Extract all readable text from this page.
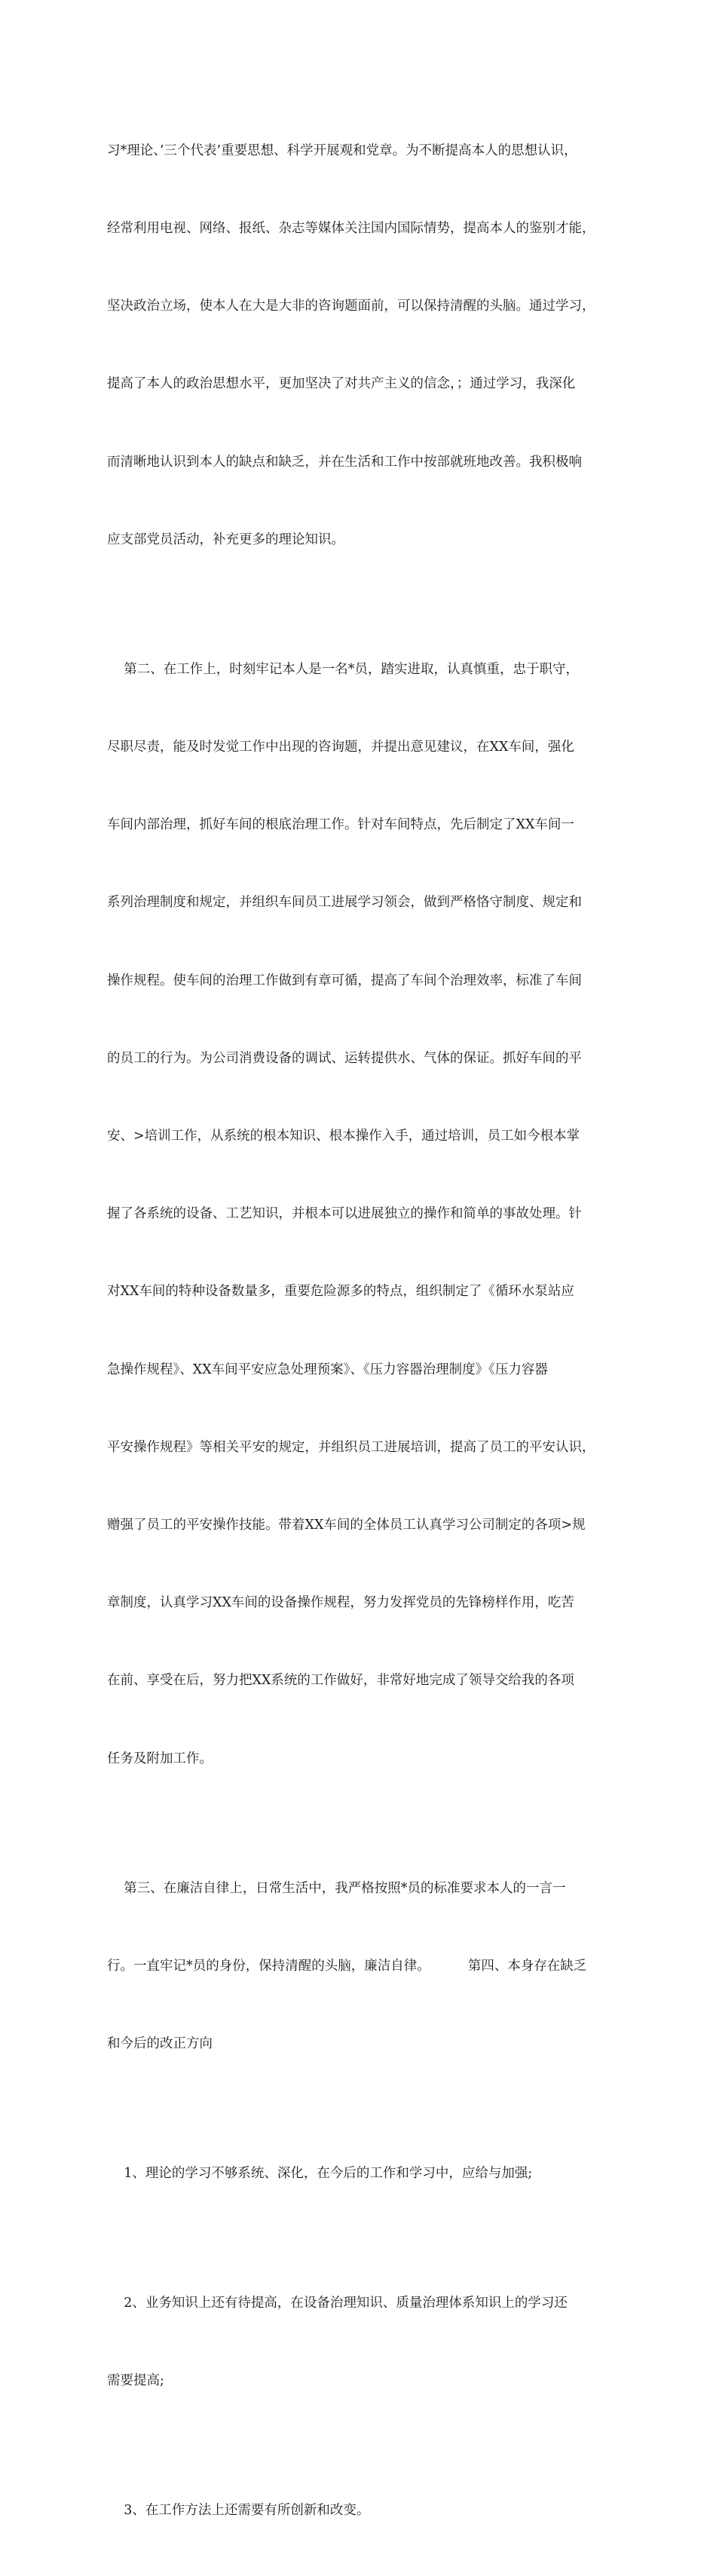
习*理论、’三个代表’重要思想、科学开展观和党章。为不断提高本人的思想认识，

经常利用电视、网络、报纸、杂志等媒体关注国内国际情势，提高本人的鉴别才能，

坚决政治立场，使本人在大是大非的咨询题面前，可以保持清醒的头脑。通过学习，

提高了本人的政治思想水平，更加坚决了对共产主义的信念，；通过学习，我深化

而清晰地认识到本人的缺点和缺乏，并在生活和工作中按部就班地改善。我积极响

应支部党员活动，补充更多的理论知识。

第二、在工作上，时刻牢记本人是一名*员，踏实进取，认真慎重，忠于职守，

尽职尽责，能及时发觉工作中出现的咨询题，并提出意见建议，在XX车间，强化

车间内部治理，抓好车间的根底治理工作。针对车间特点，先后制定了XX车间一

系列治理制度和规定，并组织车间员工进展学习领会，做到严格恪守制度、规定和

操作规程。使车间的治理工作做到有章可循，提高了车间个治理效率，标准了车间

的员工的行为。为公司消费设备的调试、运转提供水、气体的保证。抓好车间的平

安、>培训工作，从系统的根本知识、根本操作入手，通过培训，员工如今根本掌

握了各系统的设备、工艺知识，并根本可以进展独立的操作和简单的事故处理。针

对XX车间的特种设备数量多，重要危险源多的特点，组织制定了《循环水泵站应

急操作规程》、XX车间平安应急处理预案》、《压力容器治理制度》《压力容器

平安操作规程》等相关平安的规定，并组织员工进展培训，提高了员工的平安认识，

赠强了员工的平安操作技能。带着XX车间的全体员工认真学习公司制定的各项>规

章制度，认真学习XX车间的设备操作规程，努力发挥党员的先锋榜样作用，吃苦

在前、享受在后，努力把XX系统的工作做好，非常好地完成了领导交给我的各项

任务及附加工作。

第三、在廉洁自律上，日常生活中，我严格按照*员的标准要求本人的一言一

行。一直牢记*员的身份，保持清醒的头脑，廉洁自律。         第四、本身存在缺乏

和今后的改正方向

1、理论的学习不够系统、深化，在今后的工作和学习中，应给与加强;

2、业务知识上还有待提高，在设备治理知识、质量治理体系知识上的学习还

需要提高;

3、在工作方法上还需要有所创新和改变。
